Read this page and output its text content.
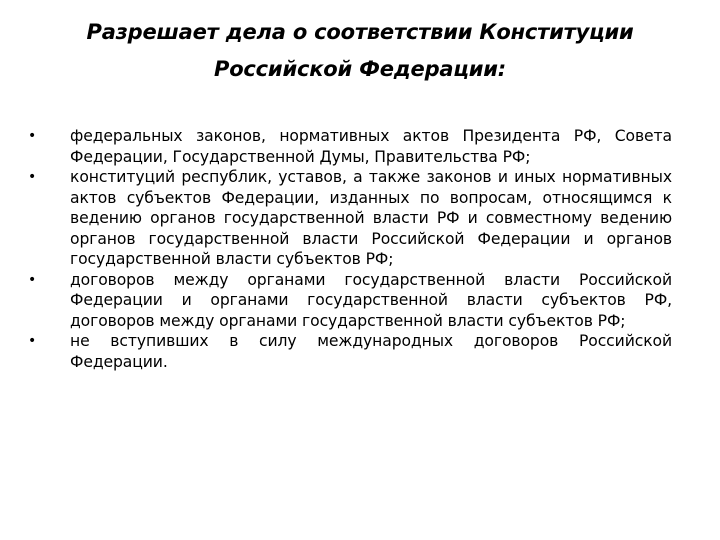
Разрешает дела о соответствии Конституции Российской Федерации:
•	федеральных законов, нормативных актов Президента РФ, Совета Федерации, Государственной Думы, Правительства РФ;
•	конституций республик, уставов, а также законов и иных нормативных актов субъектов Федерации, изданных по вопросам, относящимся к ведению органов государственной власти РФ и совместному ведению органов государственной власти Российской Федерации и органов государственной власти субъектов РФ;
•	договоров между органами государственной власти Российской Федерации и органами государственной власти субъектов РФ, договоров между органами государственной власти субъектов РФ;
•	не вступивших в силу международных договоров Российской Федерации.
